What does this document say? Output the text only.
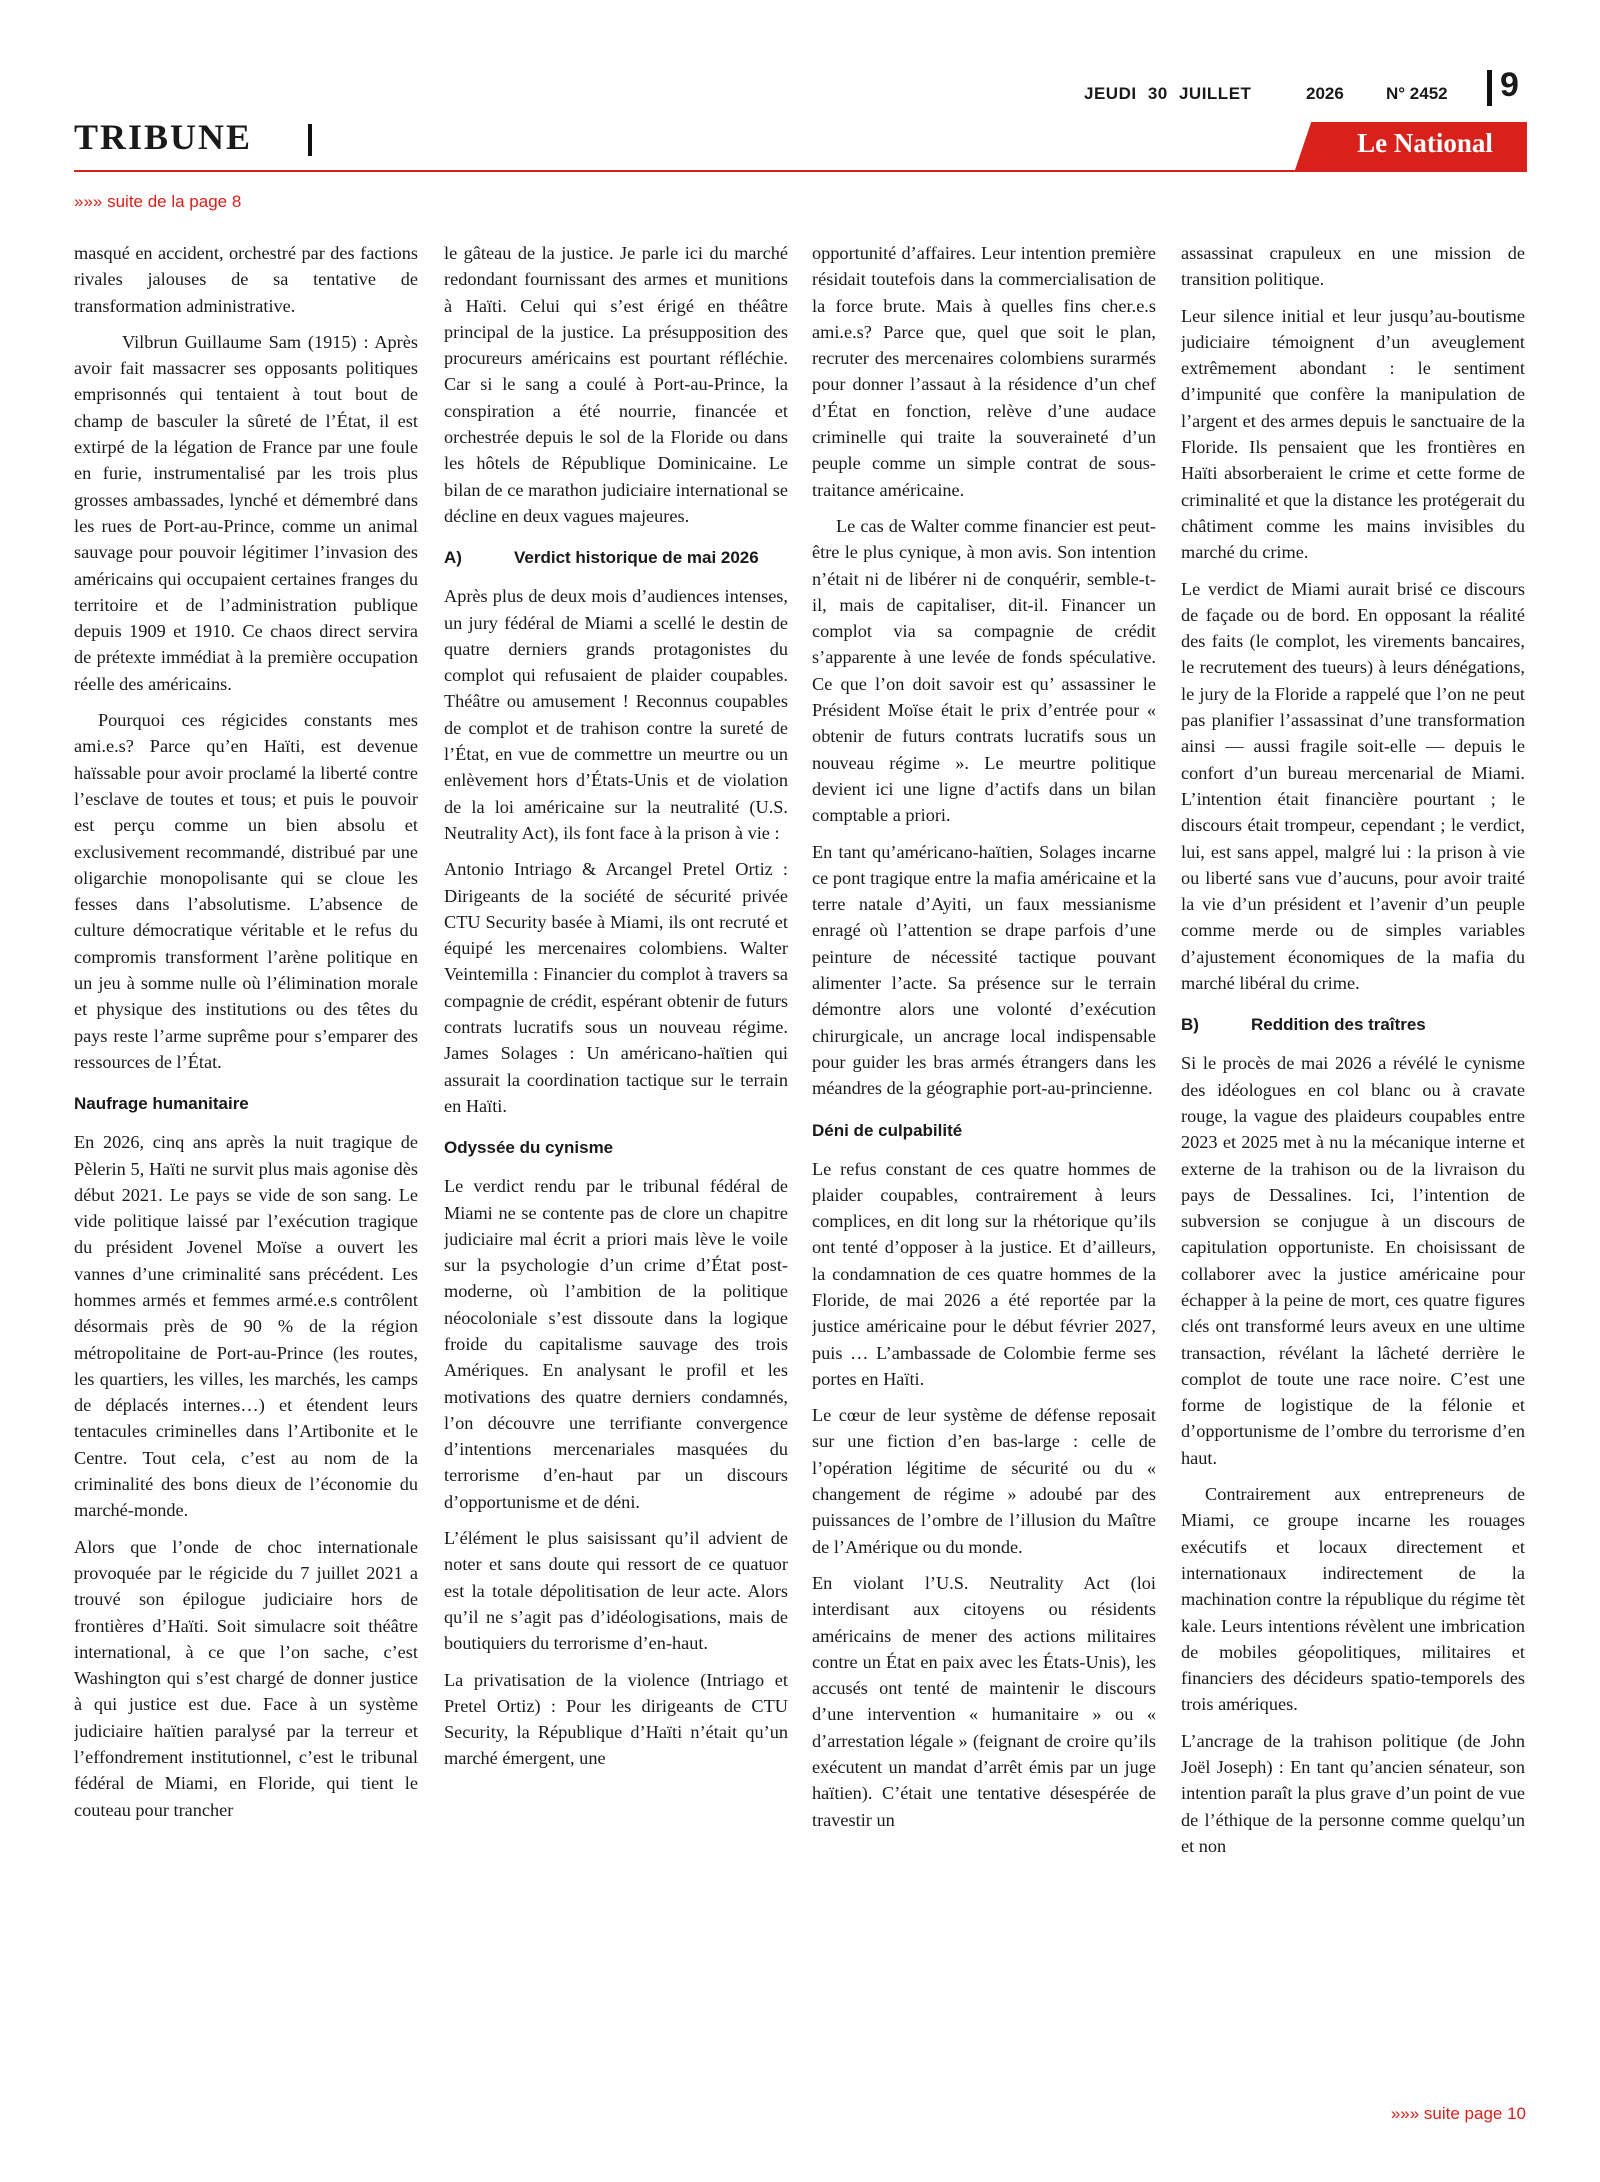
JEUDI 30 JUILLET	2026 N° 2452 9
TRIBUNE	Le National
»»» suite de la page 8

masqué en accident, orchestré par des factions rivales jalouses de sa tentative de transformation administrative.

Vilbrun Guillaume Sam (1915) : Après avoir fait massacrer ses opposants politiques emprisonnés qui tentaient à tout bout de champ de basculer la sûreté de l’État, il est extirpé de la légation de France par une foule en furie, instrumentalisé par les trois plus grosses ambassades, lynché et démembré dans les rues de Port-au-Prince, comme un animal sauvage pour pouvoir légitimer l’invasion des américains qui occupaient certaines franges du territoire et de l’administration publique depuis 1909 et 1910. Ce chaos direct servira de prétexte immédiat à la première occupation réelle des américains.

Pourquoi ces régicides constants mes ami.e.s? Parce qu’en Haïti, est devenue haïssable pour avoir proclamé la liberté contre l’esclave de toutes et tous; et puis le pouvoir est perçu comme un bien absolu et exclusivement recommandé, distribué par une oligarchie monopolisante qui se cloue les fesses dans l’absolutisme. L’absence de culture démocratique véritable et le refus du compromis transforment l’arène politique en un jeu à somme nulle où l’élimination morale et physique des institutions ou des têtes du pays reste l’arme suprême pour s’emparer des ressources de l’État.

Naufrage humanitaire

En 2026, cinq ans après la nuit tragique de Pèlerin 5, Haïti ne survit plus mais agonise dès début 2021. Le pays se vide de son sang. Le vide politique laissé par l’exécution tragique du président Jovenel Moïse a ouvert les vannes d’une criminalité sans précédent. Les hommes armés et femmes armé.e.s contrôlent désormais près de 90 % de la région métropolitaine de Port-au-Prince (les routes, les quartiers, les villes, les marchés, les camps de déplacés internes…) et étendent leurs tentacules criminelles dans l’Artibonite et le Centre. Tout cela, c’est au nom de la criminalité des bons dieux de l’économie du marché-monde.

Alors que l’onde de choc internationale provoquée par le régicide du 7 juillet 2021 a trouvé son épilogue judiciaire hors de frontières d’Haïti. Soit simulacre soit théâtre international, à ce que l’on sache, c’est Washington qui s’est chargé de donner justice à qui justice est due. Face à un système judiciaire haïtien paralysé par la terreur et l’effondrement institutionnel, c’est le tribunal fédéral de Miami, en Floride, qui tient le couteau pour trancher

le gâteau de la justice. Je parle ici du marché redondant fournissant des armes et munitions à Haïti. Celui qui s’est érigé en théâtre principal de la justice. La présupposition des procureurs américains est pourtant réfléchie. Car si le sang a coulé à Port-au-Prince, la conspiration a été nourrie, financée et orchestrée depuis le sol de la Floride ou dans les hôtels de République Dominicaine. Le bilan de ce marathon judiciaire international se décline en deux vagues majeures.

A)	Verdict historique de mai 2026

Après plus de deux mois d’audiences intenses, un jury fédéral de Miami a scellé le destin de quatre derniers grands protagonistes du complot qui refusaient de plaider coupables. Théâtre ou amusement ! Reconnus coupables de complot et de trahison contre la sureté de l’État, en vue de commettre un meurtre ou un enlèvement hors d’États-Unis et de violation de la loi américaine sur la neutralité (U.S. Neutrality Act), ils font face à la prison à vie :

Antonio Intriago & Arcangel Pretel Ortiz : Dirigeants de la société de sécurité privée CTU Security basée à Miami, ils ont recruté et équipé les mercenaires colombiens. Walter Veintemilla : Financier du complot à travers sa compagnie de crédit, espérant obtenir de futurs contrats lucratifs sous un nouveau régime. James Solages : Un américano-haïtien qui assurait la coordination tactique sur le terrain en Haïti.

Odyssée du cynisme

Le verdict rendu par le tribunal fédéral de Miami ne se contente pas de clore un chapitre judiciaire mal écrit a priori mais lève le voile sur la psychologie d’un crime d’État post-moderne, où l’ambition de la politique néocoloniale s’est dissoute dans la logique froide du capitalisme sauvage des trois Amériques. En analysant le profil et les motivations des quatre derniers condamnés, l’on découvre une terrifiante convergence d’intentions mercenariales masquées du terrorisme d’en-haut par un discours d’opportunisme et de déni.

L’élément le plus saisissant qu’il advient de noter et sans doute qui ressort de ce quatuor est la totale dépolitisation de leur acte. Alors qu’il ne s’agit pas d’idéologisations, mais de boutiquiers du terrorisme d’en-haut.

La privatisation de la violence (Intriago et Pretel Ortiz) : Pour les dirigeants de CTU Security, la République d’Haïti n’était qu’un marché émergent, une

opportunité d’affaires. Leur intention première résidait toutefois dans la commercialisation de la force brute. Mais à quelles fins cher.e.s ami.e.s? Parce que, quel que soit le plan, recruter des mercenaires colombiens surarmés pour donner l’assaut à la résidence d’un chef d’État en fonction, relève d’une audace criminelle qui traite la souveraineté d’un peuple comme un simple contrat de sous-traitance américaine.

Le cas de Walter comme financier est peut-être le plus cynique, à mon avis. Son intention n’était ni de libérer ni de conquérir, semble-t-il, mais de capitaliser, dit-il. Financer un complot via sa compagnie de crédit s’apparente à une levée de fonds spéculative. Ce que l’on doit savoir est qu’ assassiner le Président Moïse était le prix d’entrée pour « obtenir de futurs contrats lucratifs sous un nouveau régime ». Le meurtre politique devient ici une ligne d’actifs dans un bilan comptable a priori.

En tant qu’américano-haïtien, Solages incarne ce pont tragique entre la mafia américaine et la terre natale d’Ayiti, un faux messianisme enragé où l’attention se drape parfois d’une peinture de nécessité tactique pouvant alimenter l’acte. Sa présence sur le terrain démontre alors une volonté d’exécution chirurgicale, un ancrage local indispensable pour guider les bras armés étrangers dans les méandres de la géographie port-au-princienne.

Déni de culpabilité

Le refus constant de ces quatre hommes de plaider coupables, contrairement à leurs complices, en dit long sur la rhétorique qu’ils ont tenté d’opposer à la justice. Et d’ailleurs, la condamnation de ces quatre hommes de la Floride, de mai 2026 a été reportée par la justice américaine pour le début février 2027, puis … L’ambassade de Colombie ferme ses portes en Haïti.

Le cœur de leur système de défense reposait sur une fiction d’en bas-large : celle de l’opération légitime de sécurité ou du « changement de régime » adoubé par des puissances de l’ombre de l’illusion du Maître de l’Amérique ou du monde.

En violant l’U.S. Neutrality Act (loi interdisant aux citoyens ou résidents américains de mener des actions militaires contre un État en paix avec les États-Unis), les accusés ont tenté de maintenir le discours d’une intervention « humanitaire » ou « d’arrestation légale » (feignant de croire qu’ils exécutent un mandat d’arrêt émis par un juge haïtien). C’était une tentative désespérée de travestir un

assassinat crapuleux en une mission de transition politique.

Leur silence initial et leur jusqu’au-boutisme judiciaire témoignent d’un aveuglement extrêmement abondant : le sentiment d’impunité que confère la manipulation de l’argent et des armes depuis le sanctuaire de la Floride. Ils pensaient que les frontières en Haïti absorberaient le crime et cette forme de criminalité et que la distance les protégerait du châtiment comme les mains invisibles du marché du crime.

Le verdict de Miami aurait brisé ce discours de façade ou de bord. En opposant la réalité des faits (le complot, les virements bancaires, le recrutement des tueurs) à leurs dénégations, le jury de la Floride a rappelé que l’on ne peut pas planifier l’assassinat d’une transformation ainsi — aussi fragile soit-elle — depuis le confort d’un bureau mercenarial de Miami. L’intention était financière pourtant ; le discours était trompeur, cependant ; le verdict, lui, est sans appel, malgré lui : la prison à vie ou liberté sans vue d’aucuns, pour avoir traité la vie d’un président et l’avenir d’un peuple comme merde ou de simples variables d’ajustement économiques de la mafia du marché libéral du crime.

B)	Reddition des traîtres

Si le procès de mai 2026 a révélé le cynisme des idéologues en col blanc ou à cravate rouge, la vague des plaideurs coupables entre 2023 et 2025 met à nu la mécanique interne et externe de la trahison ou de la livraison du pays de Dessalines. Ici, l’intention de subversion se conjugue à un discours de capitulation opportuniste. En choisissant de collaborer avec la justice américaine pour échapper à la peine de mort, ces quatre figures clés ont transformé leurs aveux en une ultime transaction, révélant la lâcheté derrière le complot de toute une race noire. C’est une forme de logistique de la félonie et d’opportunisme de l’ombre du terrorisme d’en haut.

Contrairement aux entrepreneurs de Miami, ce groupe incarne les rouages exécutifs et locaux directement et internationaux indirectement de la machination contre la république du régime tèt kale. Leurs intentions révèlent une imbrication de mobiles géopolitiques, militaires et financiers des décideurs spatio-temporels des trois amériques.

L’ancrage de la trahison politique (de John Joël Joseph) : En tant qu’ancien sénateur, son intention paraît la plus grave d’un point de vue de l’éthique de la personne comme quelqu’un et non

»»» suite page 10
